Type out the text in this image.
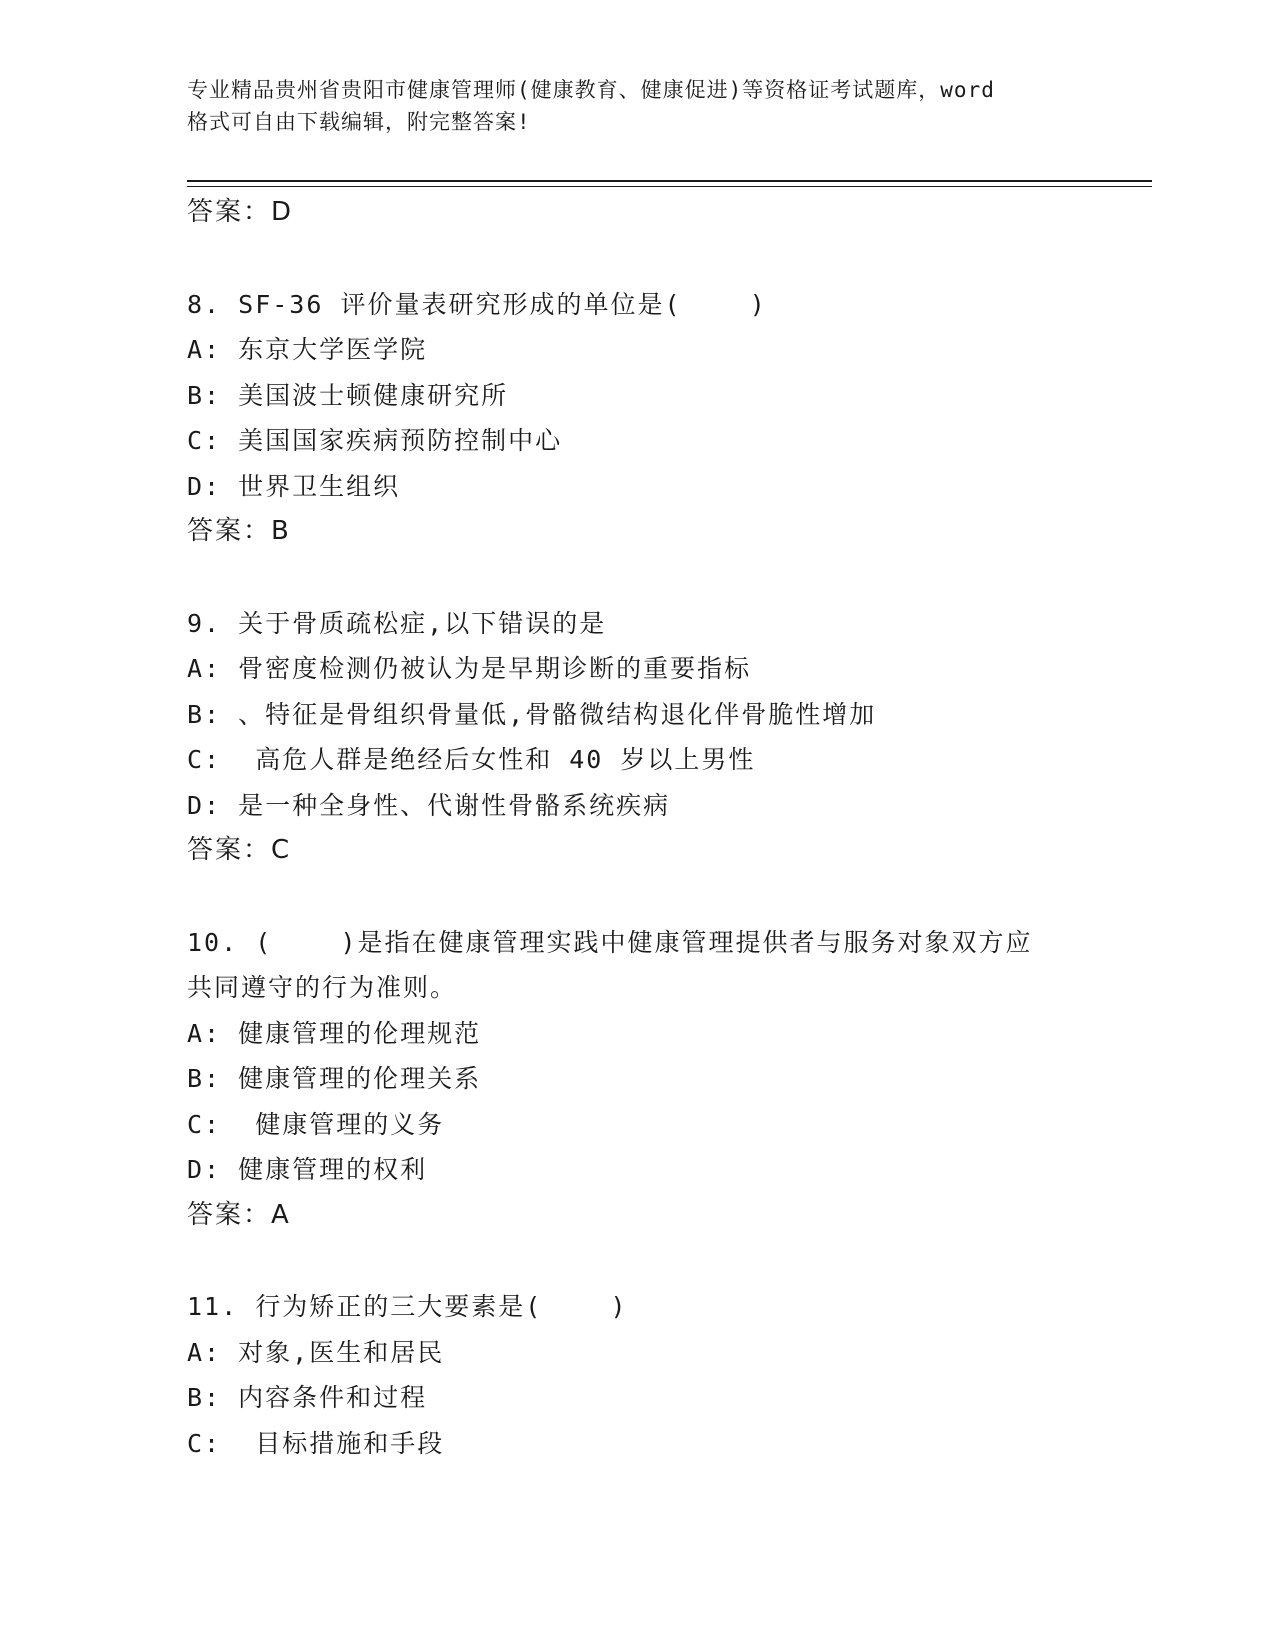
专业精品贵州省贵阳市健康管理师(健康教育、健康促进)等资格证考试题库，word

格式可自由下载编辑，附完整答案!

答案：D
8. SF-36 评价量表研究形成的单位是(    )
A: 东京大学医学院
B: 美国波士顿健康研究所
C: 美国国家疾病预防控制中心
D: 世界卫生组织
答案：B
9. 关于骨质疏松症,以下错误的是
A: 骨密度检测仍被认为是早期诊断的重要指标
B: 、特征是骨组织骨量低,骨骼微结构退化伴骨脆性增加
C:  高危人群是绝经后女性和 40 岁以上男性
D: 是一种全身性、代谢性骨骼系统疾病
答案：C
10. (    )是指在健康管理实践中健康管理提供者与服务对象双方应
共同遵守的行为准则。
A: 健康管理的伦理规范
B: 健康管理的伦理关系
C:  健康管理的义务
D: 健康管理的权利
答案：A
11. 行为矫正的三大要素是(    )
A: 对象,医生和居民
B: 内容条件和过程
C:  目标措施和手段
